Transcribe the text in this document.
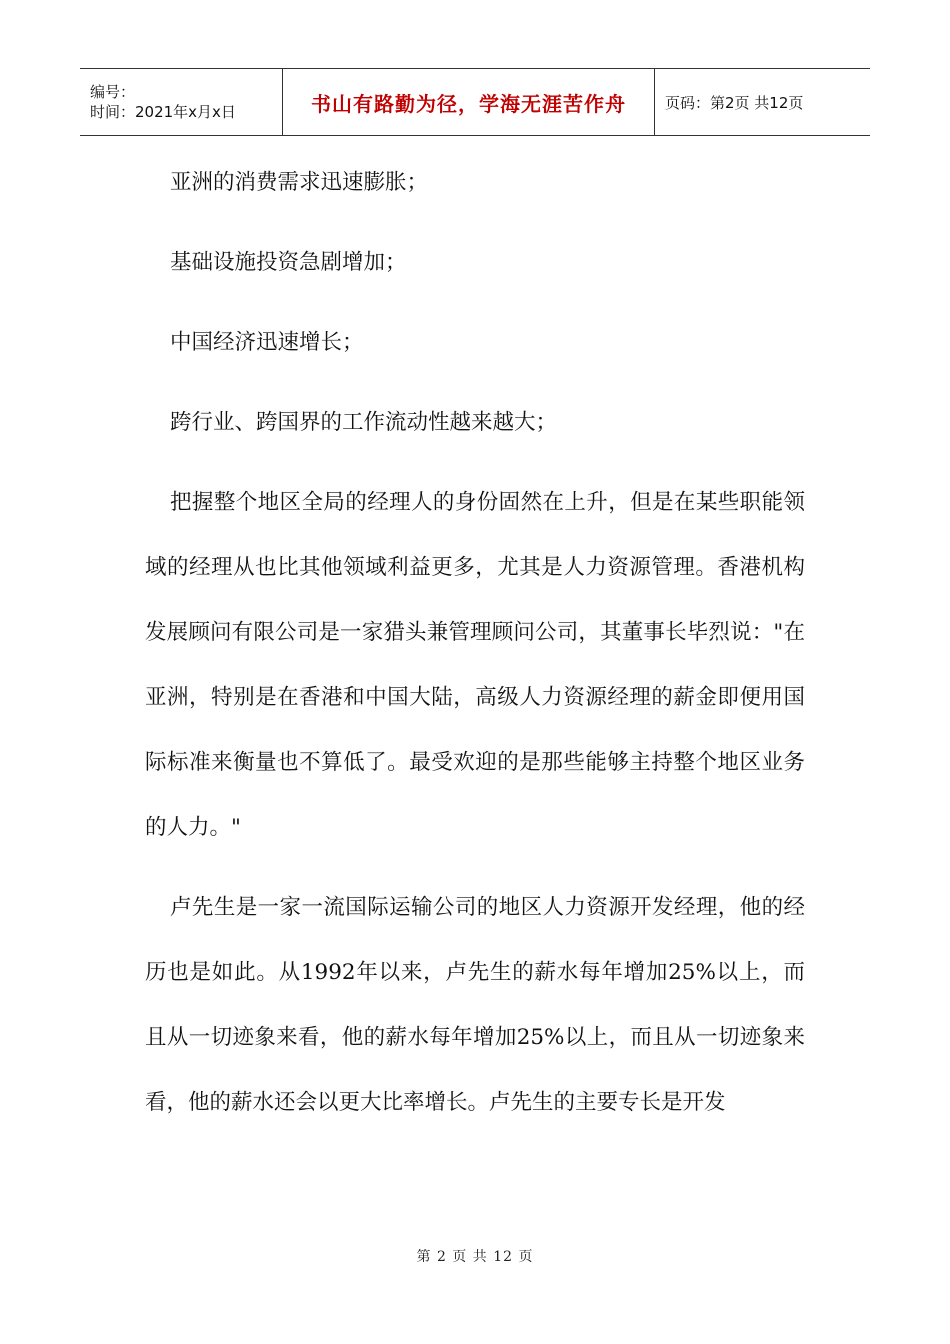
编号：
时间：2021年x月x日	书山有路勤为径，学海无涯苦作舟	页码：第2页 共12页

亚洲的消费需求迅速膨胀；

基础设施投资急剧增加；

中国经济迅速增长；

跨行业、跨国界的工作流动性越来越大；

把握整个地区全局的经理人的身份固然在上升，但是在某些职能领域的经理从也比其他领域利益更多，尤其是人力资源管理。香港机构发展顾问有限公司是一家猎头兼管理顾问公司，其董事长毕烈说："在亚洲，特别是在香港和中国大陆，高级人力资源经理的薪金即便用国际标准来衡量也不算低了。最受欢迎的是那些能够主持整个地区业务的人力。"

卢先生是一家一流国际运输公司的地区人力资源开发经理，他的经历也是如此。从1992年以来，卢先生的薪水每年增加25%以上，而且从一切迹象来看，他的薪水每年增加25%以上，而且从一切迹象来看，他的薪水还会以更大比率增长。卢先生的主要专长是开发

第 2 页 共 12 页
